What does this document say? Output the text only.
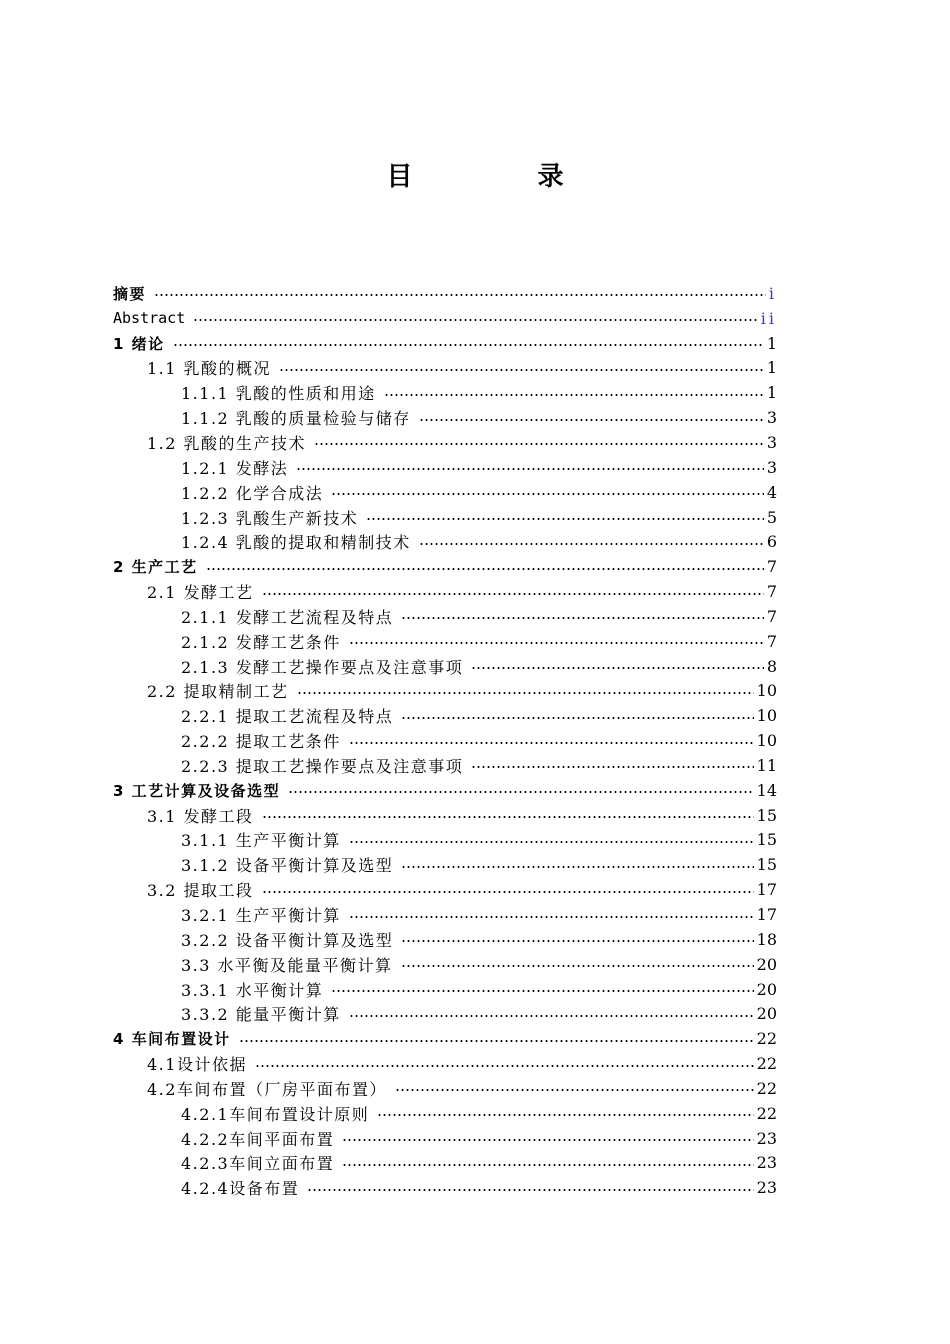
目 录
摘要	i
Abstract	ii
1 绪论	1
1.1 乳酸的概况	1
1.1.1 乳酸的性质和用途	1
1.1.2 乳酸的质量检验与储存	3
1.2 乳酸的生产技术	3
1.2.1 发酵法	3
1.2.2 化学合成法	4
1.2.3 乳酸生产新技术	5
1.2.4 乳酸的提取和精制技术	6
2 生产工艺	7
2.1 发酵工艺	7
2.1.1 发酵工艺流程及特点	7
2.1.2 发酵工艺条件	7
2.1.3 发酵工艺操作要点及注意事项	8
2.2 提取精制工艺	10
2.2.1 提取工艺流程及特点	10
2.2.2 提取工艺条件	10
2.2.3 提取工艺操作要点及注意事项	11
3 工艺计算及设备选型	14
3.1 发酵工段	15
3.1.1 生产平衡计算	15
3.1.2 设备平衡计算及选型	15
3.2 提取工段	17
3.2.1 生产平衡计算	17
3.2.2 设备平衡计算及选型	18
3.3 水平衡及能量平衡计算	20
3.3.1 水平衡计算	20
3.3.2 能量平衡计算	20
4 车间布置设计	22
4.1设计依据	22
4.2车间布置（厂房平面布置）	22
4.2.1车间布置设计原则	22
4.2.2车间平面布置	23
4.2.3车间立面布置	23
4.2.4设备布置	23
